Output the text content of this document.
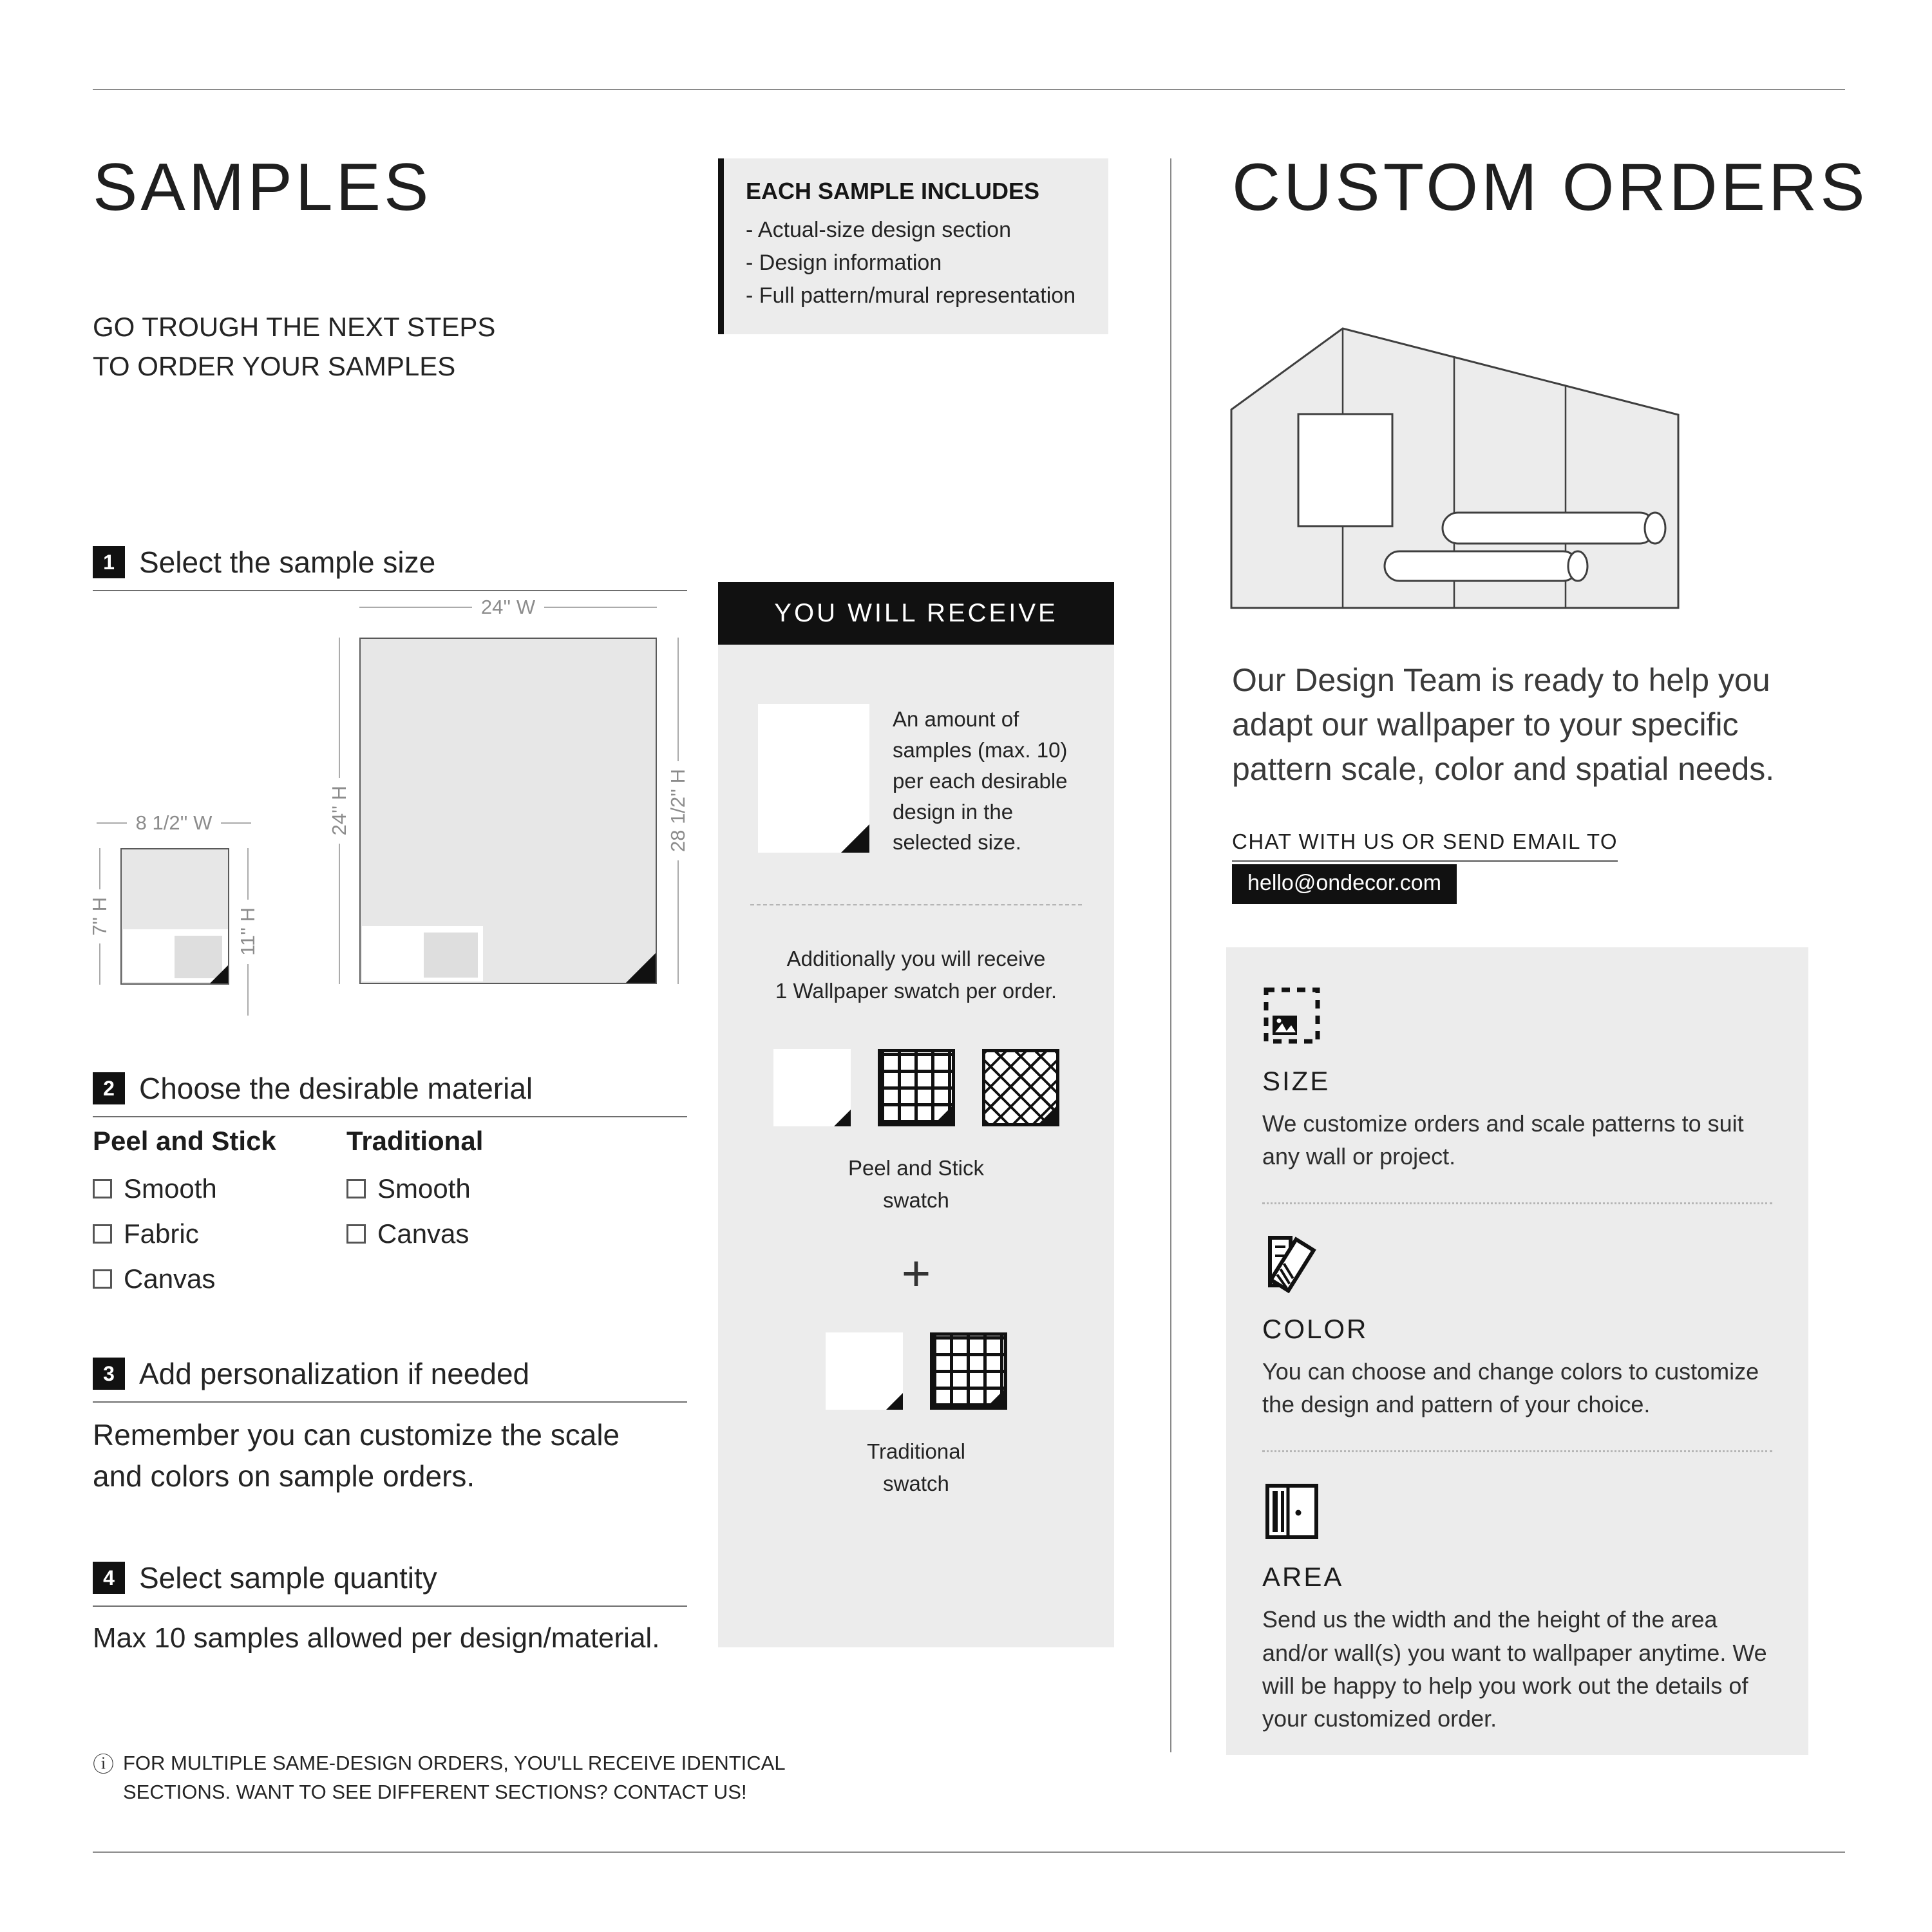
SAMPLES
GO TROUGH THE NEXT STEPS
TO ORDER YOUR SAMPLES
EACH SAMPLE INCLUDES
- Actual-size design section
- Design information
- Full pattern/mural representation
1 Select the sample size
24'' W
24'' H	28 1/2'' H
8 1/2'' W
7'' H	11'' H
2 Choose the desirable material
Peel and Stick
Smooth
Fabric
Canvas
Traditional
Smooth
Canvas
3 Add personalization if needed
Remember you can customize the scale and colors on sample orders.
4 Select sample quantity
Max 10 samples allowed per design/material.
ⓘ FOR MULTIPLE SAME-DESIGN ORDERS, YOU'LL RECEIVE IDENTICAL SECTIONS. WANT TO SEE DIFFERENT SECTIONS? CONTACT US!
YOU WILL RECEIVE
An amount of samples (max. 10) per each desirable design in the selected size.
Additionally you will receive
1 Wallpaper swatch per order.
Peel and Stick
swatch
+
Traditional
swatch
CUSTOM ORDERS
Our Design Team is ready to help you adapt our wallpaper to your specific pattern scale, color and spatial needs.
CHAT WITH US OR SEND EMAIL TO
hello@ondecor.com
SIZE
We customize orders and scale patterns to suit any wall or project.
COLOR
You can choose and change colors to customize the design and pattern of your choice.
AREA
Send us the width and the height of the area and/or wall(s) you want to wallpaper anytime. We will be happy to help you work out the details of your customized order.
